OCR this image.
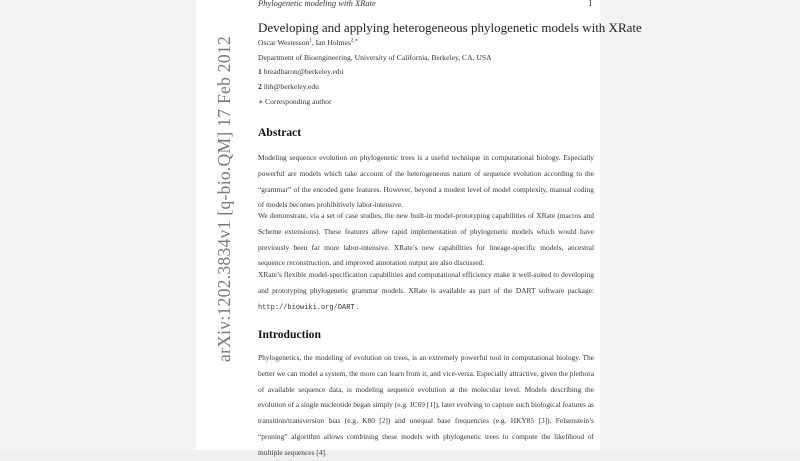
arXiv:1202.3834v1 [q-bio.QM] 17 Feb 2012
Phylogenetic modeling with XRate	1
Developing and applying heterogeneous phylogenetic models with XRate
Oscar Westesson$^1$, Ian Holmes$^{2,∗}$
Department of Bioengineering, University of California, Berkeley, CA, USA
1 breadbaron@berkeley.edu
2 ihh@berkeley.edu
∗ Corresponding author
Abstract

Modeling sequence evolution on phylogenetic trees is a useful technique in computational biology. Especially powerful are models which take account of the heterogeneous nature of sequence evolution according to the “grammar” of the encoded gene features. However, beyond a modest level of model complexity, manual coding of models becomes prohibitively labor-intensive.

We demonstrate, via a set of case studies, the new built-in model-prototyping capabilities of XRate (macros and Scheme extensions). These features allow rapid implementation of phylogenetic models which would have previously been far more labor-intensive. XRate’s new capabilities for lineage-specific models, ancestral sequence reconstruction, and improved annotation output are also discussed.

XRate’s flexible model-specification capabilities and computational efficiency make it well-suited to developing and prototyping phylogenetic grammar models. XRate is available as part of the DART software package: http://biowiki.org/DART .

Introduction

Phylogenetics, the modeling of evolution on trees, is an extremely powerful tool in computational biology. The better we can model a system, the more can learn from it, and vice-versa. Especially attractive, given the plethora of available sequence data, is modeling sequence evolution at the molecular level. Models describing the evolution of a single nucleotide began simply (e.g. JC69 [1]), later evolving to capture such biological features as transition/transversion bias (e.g. K80 [2]) and unequal base frequencies (e.g. HKY85 [3]). Felsenstein’s “pruning” algorithm allows combining these models with phylogenetic trees to compute the likelihood of multiple sequences [4].
